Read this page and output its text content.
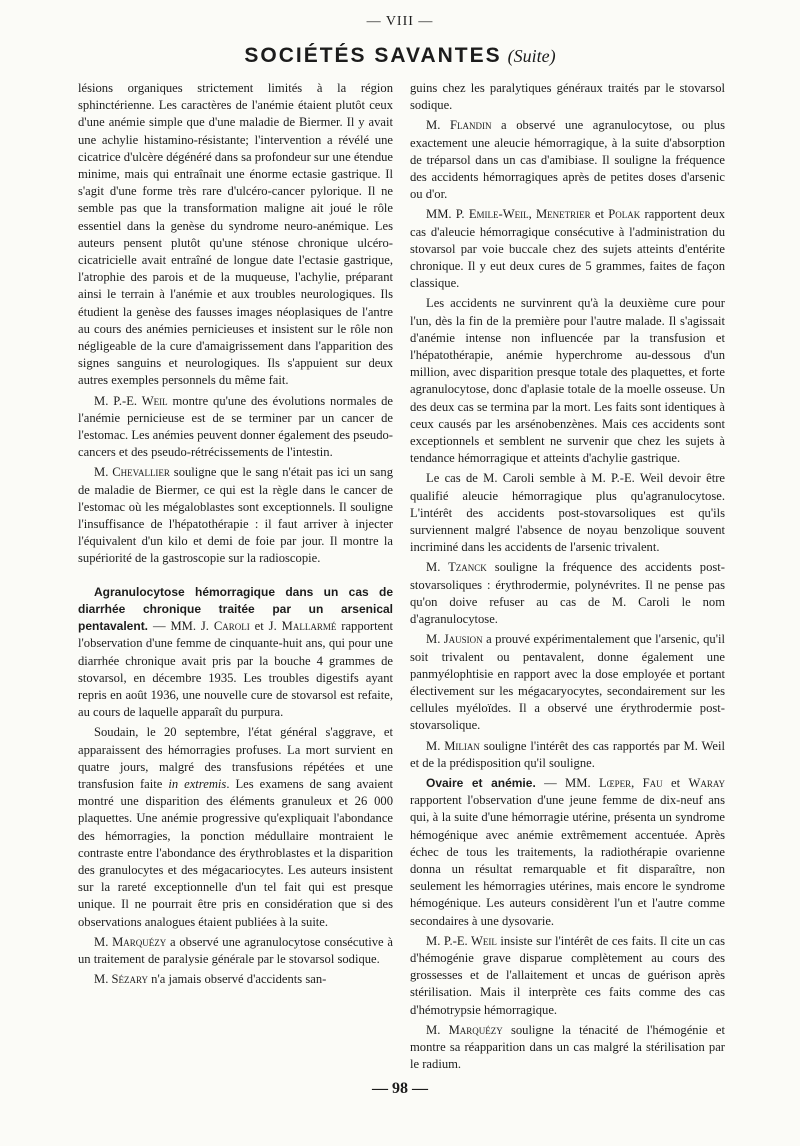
— VIII —
SOCIÉTÉS SAVANTES (Suite)

lésions organiques strictement limités à la région sphinctérienne. Les caractères de l'anémie étaient plutôt ceux d'une anémie simple que d'une maladie de Biermer. Il y avait une achylie histamino-résistante; l'intervention a révélé une cicatrice d'ulcère dégénéré dans sa profondeur sur une étendue minime, mais qui entraînait une énorme ectasie gastrique. Il s'agit d'une forme très rare d'ulcéro-cancer pylorique. Il ne semble pas que la transformation maligne ait joué le rôle essentiel dans la genèse du syndrome neuro-anémique. Les auteurs pensent plutôt qu'une sténose chronique ulcéro-cicatricielle avait entraîné de longue date l'ectasie gastrique, l'atrophie des parois et de la muqueuse, l'achylie, préparant ainsi le terrain à l'anémie et aux troubles neurologiques. Ils étudient la genèse des fausses images néoplasiques de l'antre au cours des anémies pernicieuses et insistent sur le rôle non négligeable de la cure d'amaigrissement dans l'apparition des signes sanguins et neurologiques. Ils s'appuient sur deux autres exemples personnels du même fait.

M. P.-E. Weil montre qu'une des évolutions normales de l'anémie pernicieuse est de se terminer par un cancer de l'estomac. Les anémies peuvent donner également des pseudo-cancers et des pseudo-rétrécissements de l'intestin.

M. Chevallier souligne que le sang n'était pas ici un sang de maladie de Biermer, ce qui est la règle dans le cancer de l'estomac où les mégaloblastes sont exceptionnels. Il souligne l'insuffisance de l'hépatothérapie : il faut arriver à injecter l'équivalent d'un kilo et demi de foie par jour. Il montre la supériorité de la gastroscopie sur la radioscopie.

Agranulocytose hémorragique dans un cas de diarrhée chronique traitée par un arsenical pentavalent. — MM. J. Caroli et J. Mallarmé rapportent l'observation d'une femme de cinquante-huit ans, qui pour une diarrhée chronique avait pris par la bouche 4 grammes de stovarsol, en décembre 1935. Les troubles digestifs ayant repris en août 1936, une nouvelle cure de stovarsol est refaite, au cours de laquelle apparaît du purpura.

Soudain, le 20 septembre, l'état général s'aggrave, et apparaissent des hémorragies profuses. La mort survient en quatre jours, malgré des transfusions répétées et une transfusion faite in extremis. Les examens de sang avaient montré une disparition des éléments granuleux et 26 000 plaquettes. Une anémie progressive qu'expliquait l'abondance des hémorragies, la ponction médullaire montraient le contraste entre l'abondance des érythroblastes et la disparition des granulocytes et des mégacariocytes. Les auteurs insistent sur la rareté exceptionnelle d'un tel fait qui est presque unique. Il ne pourrait être pris en considération que si des observations analogues étaient publiées à la suite.

M. Marquézy a observé une agranulocytose consécutive à un traitement de paralysie générale par le stovarsol sodique.

M. Sézary n'a jamais observé d'accidents san-

guins chez les paralytiques généraux traités par le stovarsol sodique.

M. Flandin a observé une agranulocytose, ou plus exactement une aleucie hémorragique, à la suite d'absorption de tréparsol dans un cas d'amibiase. Il souligne la fréquence des accidents hémorragiques après de petites doses d'arsenic ou d'or.

MM. P. Emile-Weil, Menetrier et Polak rapportent deux cas d'aleucie hémorragique consécutive à l'administration du stovarsol par voie buccale chez des sujets atteints d'entérite chronique. Il y eut deux cures de 5 grammes, faites de façon classique.

Les accidents ne survinrent qu'à la deuxième cure pour l'un, dès la fin de la première pour l'autre malade. Il s'agissait d'anémie intense non influencée par la transfusion et l'hépatothérapie, anémie hyperchrome au-dessous d'un million, avec disparition presque totale des plaquettes, et forte agranulocytose, donc d'aplasie totale de la moelle osseuse. Un des deux cas se termina par la mort. Les faits sont identiques à ceux causés par les arsénobenzènes. Mais ces accidents sont exceptionnels et semblent ne survenir que chez les sujets à tendance hémorragique et atteints d'achylie gastrique.

Le cas de M. Caroli semble à M. P.-E. Weil devoir être qualifié aleucie hémorragique plus qu'agranulocytose. L'intérêt des accidents post-stovarsoliques est qu'ils surviennent malgré l'absence de noyau benzolique souvent incriminé dans les accidents de l'arsenic trivalent.

M. Tzanck souligne la fréquence des accidents post-stovarsoliques : érythrodermie, polynévrites. Il ne pense pas qu'on doive refuser au cas de M. Caroli le nom d'agranulocytose.

M. Jausion a prouvé expérimentalement que l'arsenic, qu'il soit trivalent ou pentavalent, donne également une panmyélophtisie en rapport avec la dose employée et portant électivement sur les mégacaryocytes, secondairement sur les cellules myéloïdes. Il a observé une érythrodermie post-stovarsolique.

M. Milian souligne l'intérêt des cas rapportés par M. Weil et de la prédisposition qu'il souligne.

Ovaire et anémie. — MM. Lœper, Fau et Waray rapportent l'observation d'une jeune femme de dix-neuf ans qui, à la suite d'une hémorragie utérine, présenta un syndrome hémogénique avec anémie extrêmement accentuée. Après échec de tous les traitements, la radiothérapie ovarienne donna un résultat remarquable et fit disparaître, non seulement les hémorragies utérines, mais encore le syndrome hémogénique. Les auteurs considèrent l'un et l'autre comme secondaires à une dysovarie.

M. P.-E. Weil insiste sur l'intérêt de ces faits. Il cite un cas d'hémogénie grave disparue complètement au cours des grossesses et de l'allaitement et uncas de guérison après stérilisation. Mais il interprète ces faits comme des cas d'hémotrypsie hémorragique.

M. Marquézy souligne la ténacité de l'hémogénie et montre sa réapparition dans un cas malgré la stérilisation par le radium.

— 98 —
